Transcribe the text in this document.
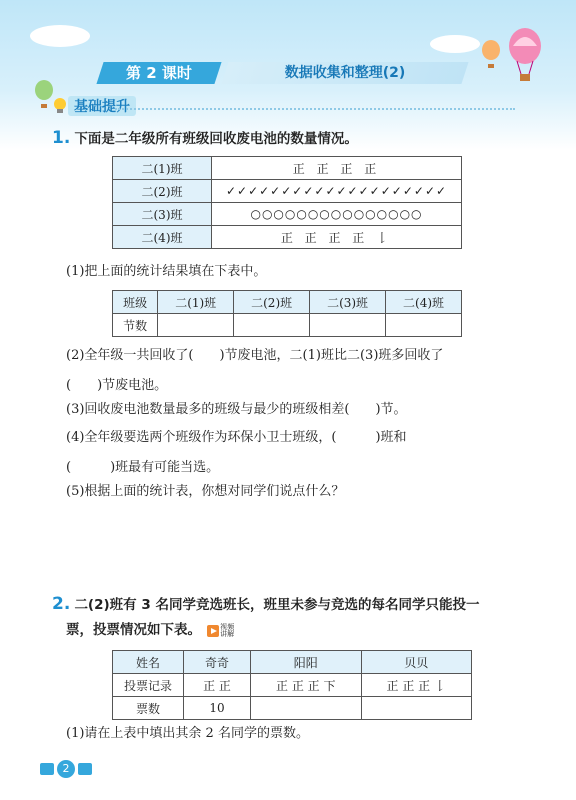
第 2 课时	数据收集和整理(2)
基础提升
1. 下面是二年级所有班级回收废电池的数量情况。
二(1)班	正 正 正 正
二(2)班	✓✓✓✓✓✓✓✓✓✓✓✓✓✓✓✓✓✓✓✓
二(3)班	○○○○○○○○○○○○○○○
二(4)班	正 正 正 正 𠄌
(1)把上面的统计结果填在下表中。
班级	二(1)班	二(2)班	二(3)班	二(4)班
节数				
(2)全年级一共回收了(　　)节废电池，二(1)班比二(3)班多回收了
(　　)节废电池。
(3)回收废电池数量最多的班级与最少的班级相差(　　)节。
(4)全年级要选两个班级作为环保小卫士班级，(　　　)班和
(　　　)班最有可能当选。
(5)根据上面的统计表，你想对同学们说点什么？
2. 二(2)班有 3 名同学竞选班长，班里未参与竞选的每名同学只能投一
票，投票情况如下表。	视频讲解
姓名	奇奇	阳阳	贝贝
投票记录	正 正	正 正 正 下	正 正 正 𠄌
票数	10		
(1)请在上表中填出其余 2 名同学的票数。
2
